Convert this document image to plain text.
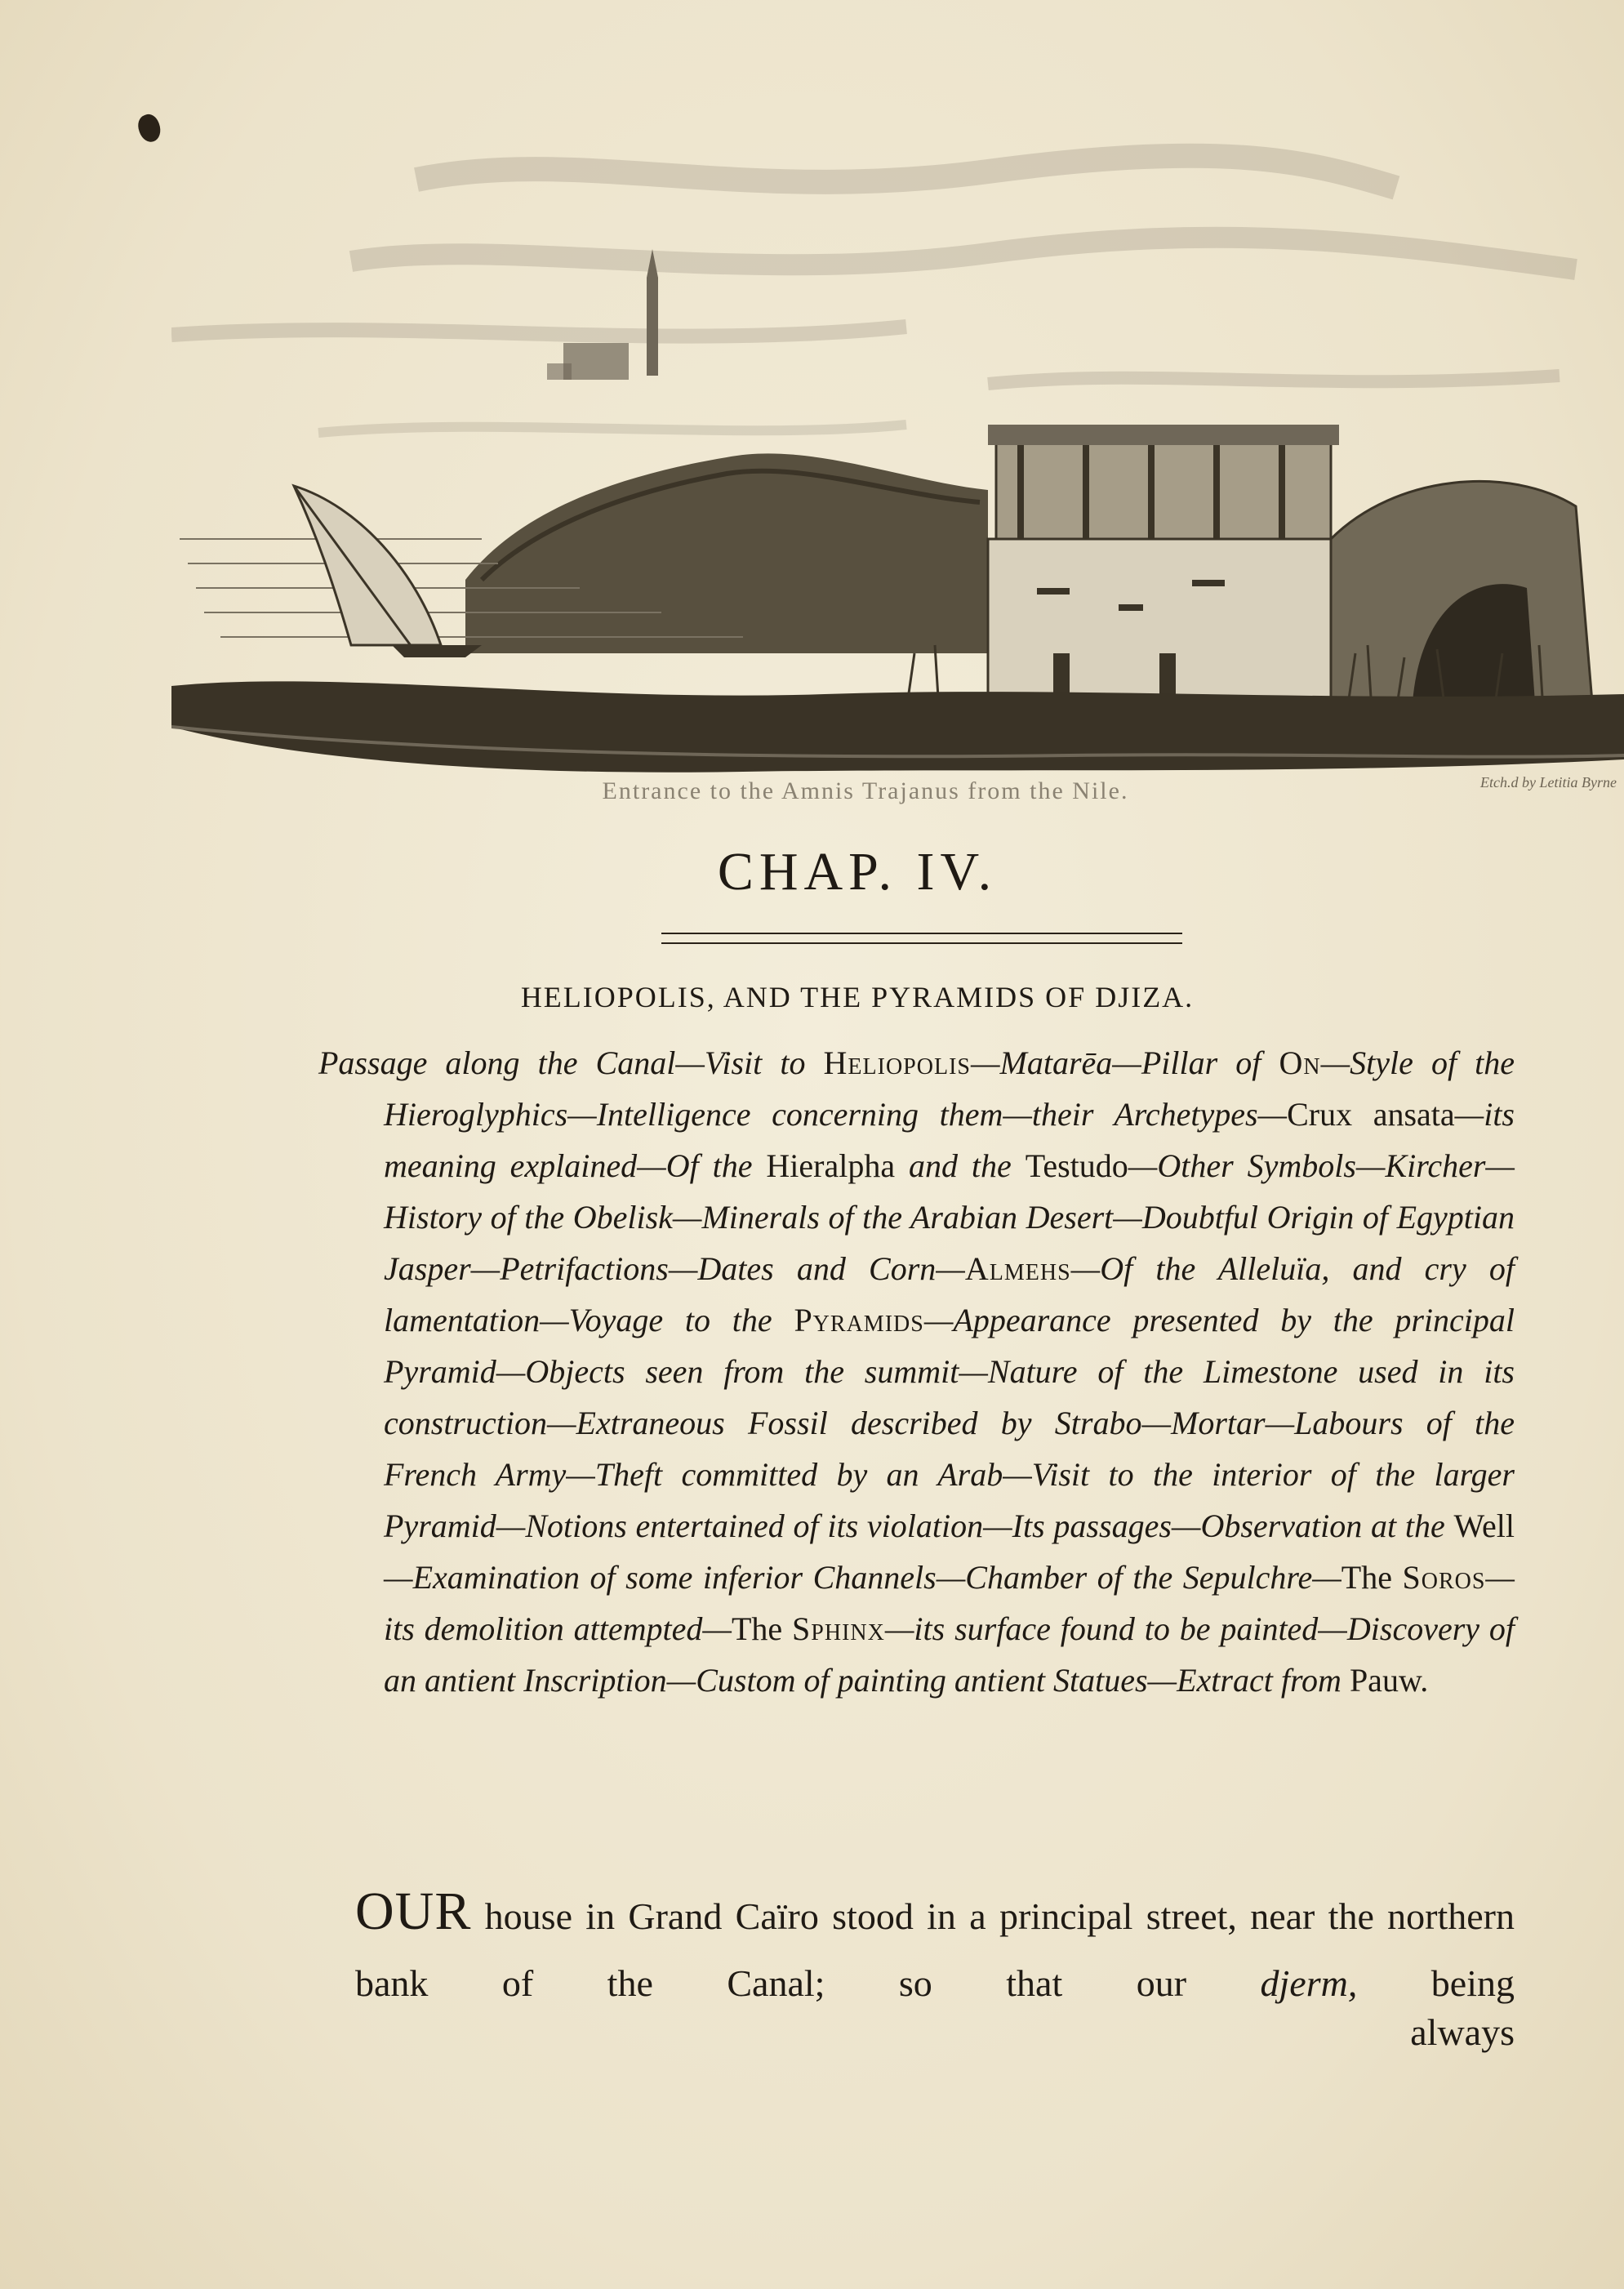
Etch.d by Letitia Byrne
Entrance to the Amnis Trajanus from the Nile.
CHAP. IV.
HELIOPOLIS, AND THE PYRAMIDS OF DJIZA.
Passage along the Canal—Visit to Heliopolis—Matarēa—Pillar of On—Style of the Hieroglyphics—Intelligence concerning them—their Archetypes—Crux ansata—its meaning explained—Of the Hieralpha and the Testudo—Other Symbols—Kircher—History of the Obelisk—Minerals of the Arabian Desert—Doubtful Origin of Egyptian Jasper—Petrifactions—Dates and Corn—Almehs—Of the Alleluïa, and cry of lamentation—Voyage to the Pyramids—Appearance presented by the principal Pyramid—Objects seen from the summit—Nature of the Limestone used in its construction—Extraneous Fossil described by Strabo—Mortar—Labours of the French Army—Theft committed by an Arab—Visit to the interior of the larger Pyramid—Notions entertained of its violation—Its passages—Observation at the Well—Examination of some inferior Channels—Chamber of the Sepulchre—The Soros—its demolition attempted—The Sphinx—its surface found to be painted—Discovery of an antient Inscription—Custom of painting antient Statues—Extract from Pauw.
OUR house in Grand Caïro stood in a principal street, near the northern bank of the Canal; so that our djerm, being
always
